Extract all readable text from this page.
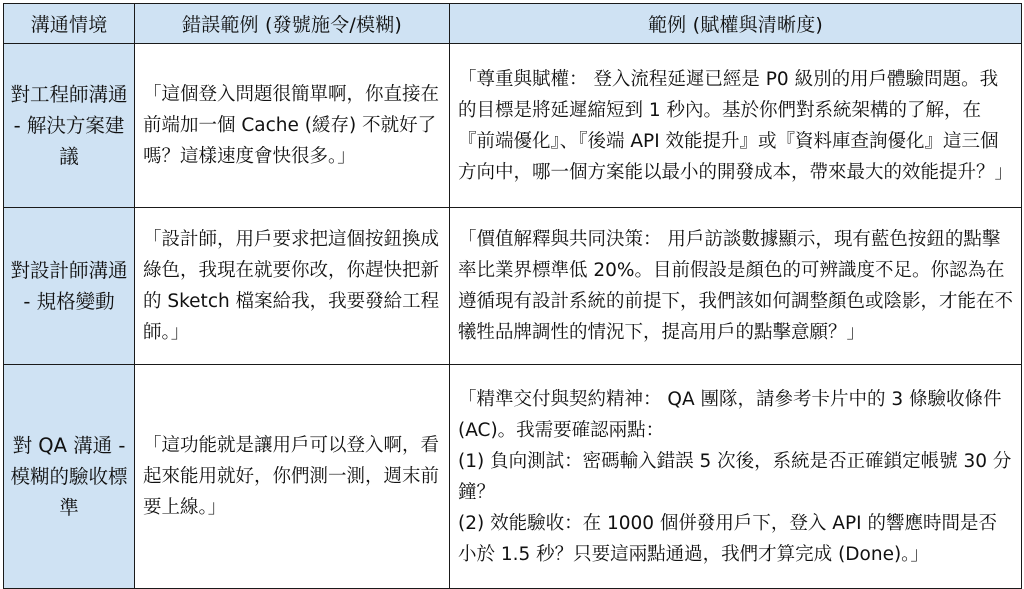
溝通情境	錯誤範例 (發號施令/模糊)	範例 (賦權與清晰度)

對工程師溝通 - 解決方案建議	「這個登入問題很簡單啊，你直接在前端加一個 Cache (緩存) 不就好了嗎？這樣速度會快很多。」	「尊重與賦權： 登入流程延遲已經是 P0 級別的用戶體驗問題。我的目標是將延遲縮短到 1 秒內。基於你們對系統架構的了解，在『前端優化』、『後端 API 效能提升』或『資料庫查詢優化』這三個方向中，哪一個方案能以最小的開發成本，帶來最大的效能提升？」

對設計師溝通 - 規格變動	「設計師，用戶要求把這個按鈕換成綠色，我現在就要你改，你趕快把新的 Sketch 檔案給我，我要發給工程師。」	「價值解釋與共同決策： 用戶訪談數據顯示，現有藍色按鈕的點擊率比業界標準低 20%。目前假設是顏色的可辨識度不足。你認為在遵循現有設計系統的前提下，我們該如何調整顏色或陰影，才能在不犧牲品牌調性的情況下，提高用戶的點擊意願？」

對 QA 溝通 - 模糊的驗收標準	「這功能就是讓用戶可以登入啊，看起來能用就好，你們測一測，週末前要上線。」	「精準交付與契約精神： QA 團隊，請參考卡片中的 3 條驗收條件 (AC)。我需要確認兩點：
(1) 負向測試：密碼輸入錯誤 5 次後，系統是否正確鎖定帳號 30 分鐘？
(2) 效能驗收：在 1000 個併發用戶下，登入 API 的響應時間是否小於 1.5 秒？只要這兩點通過，我們才算完成 (Done)。」
